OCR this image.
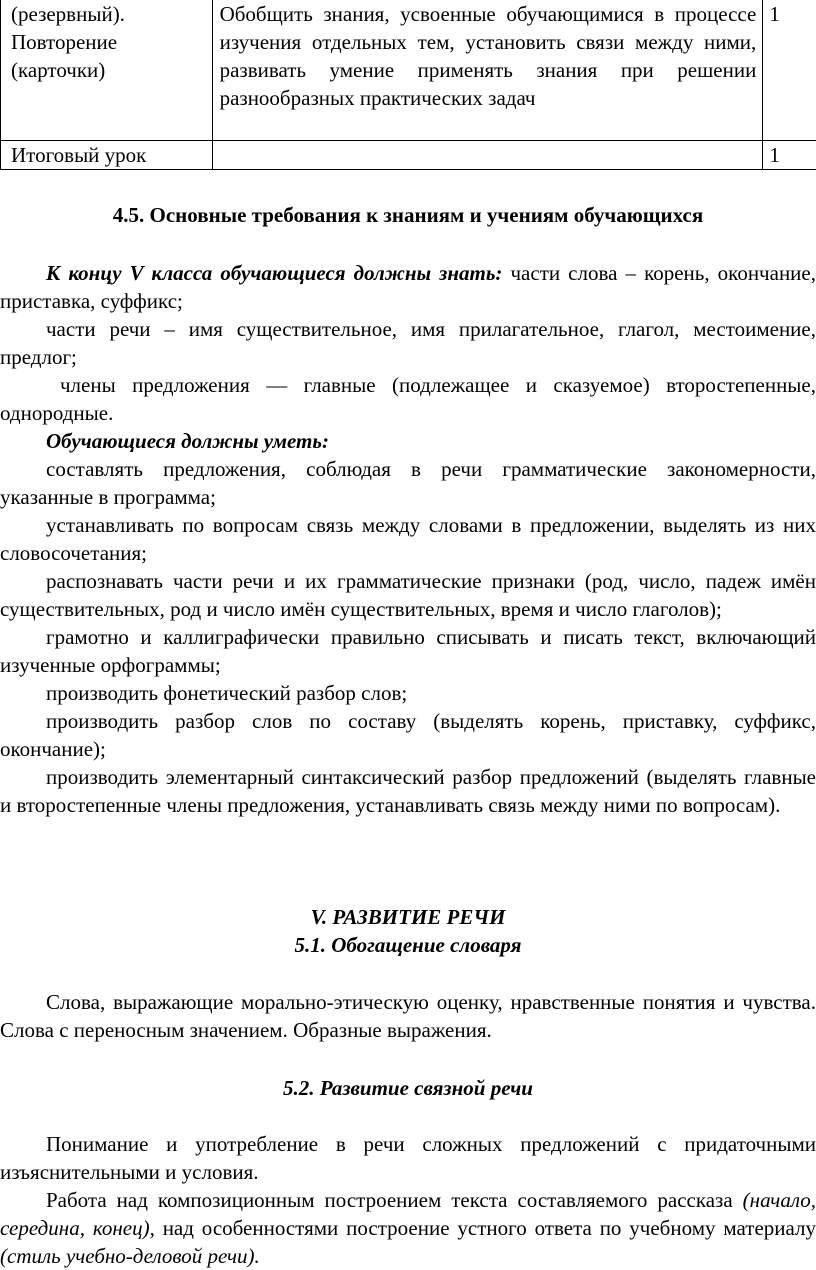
	(резервный). Повторение (карточки)	Обобщить знания, усвоенные обучающимися в процессе изучения отдельных тем, установить связи между ними, развивать умение применять знания при решении разнообразных практических задач	1
	Итоговый урок		1
4.5. Основные требования к знаниям и учениям обучающихся

К концу V класса обучающиеся должны знать: части слова – корень, окончание, приставка, суффикс;

части речи – имя существительное, имя прилагательное, глагол, местоимение, предлог;

члены предложения — главные (подлежащее и сказуемое) второстепенные, однородные.

Обучающиеся должны уметь:

составлять предложения, соблюдая в речи грамматические закономерности, указанные в программа;

устанавливать по вопросам связь между словами в предложении, выделять из них словосочетания;

распознавать части речи и их грамматические признаки (род, число, падеж имён существительных, род и число имён существительных, время и число глаголов);

грамотно и каллиграфически правильно списывать и писать текст, включающий изученные орфограммы;

производить фонетический разбор слов;

производить разбор слов по составу (выделять корень, приставку, суффикс, окончание);

производить элементарный синтаксический разбор предложений (выделять главные и второстепенные члены предложения, устанавливать связь между ними по вопросам).

V. РАЗВИТИЕ РЕЧИ
5.1. Обогащение словаря

Слова, выражающие морально-этическую оценку, нравственные понятия и чувства. Слова с переносным значением. Образные выражения.

5.2. Развитие связной речи

Понимание и употребление в речи сложных предложений с придаточными изъяснительными и условия.

Работа над композиционным построением текста составляемого рассказа (начало, середина, конец), над особенностями построение устного ответа по учебному материалу (стиль учебно-деловой речи).
